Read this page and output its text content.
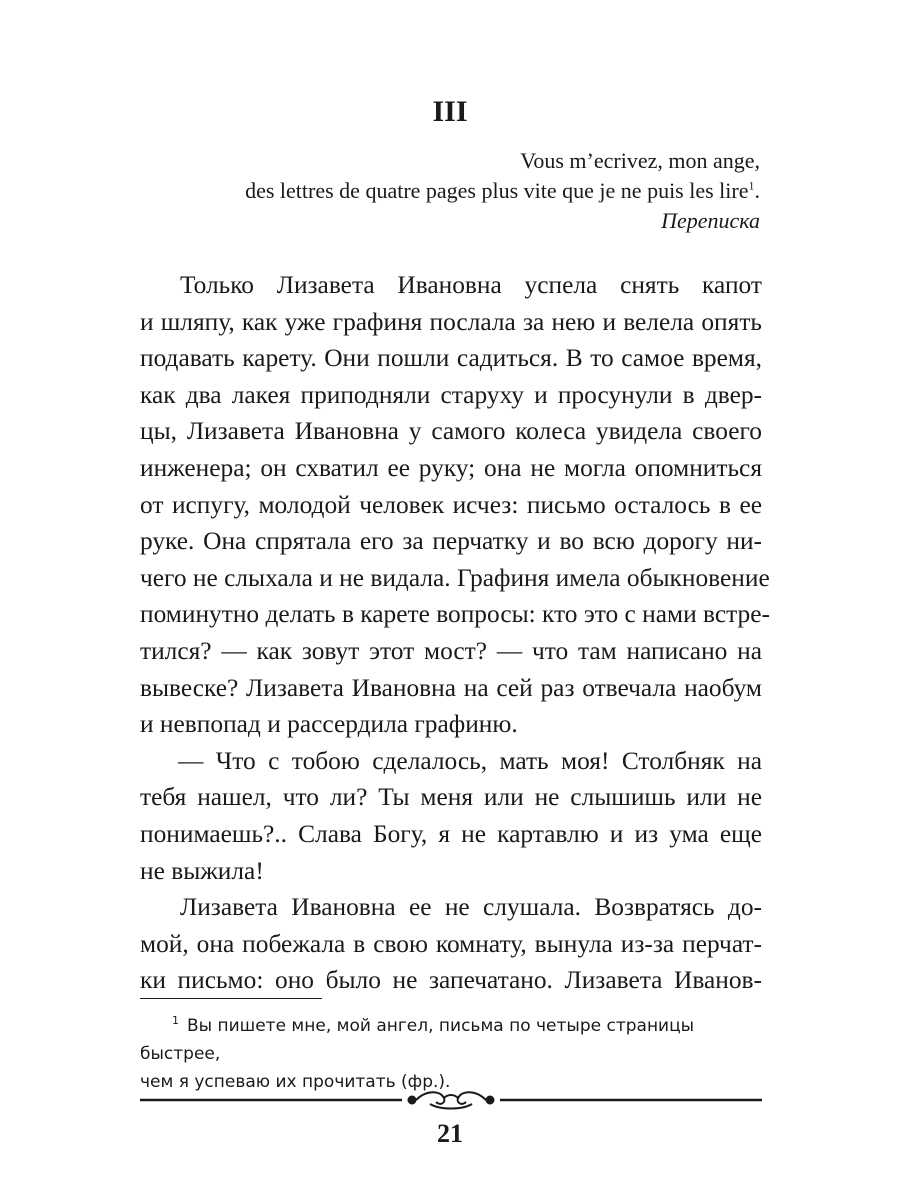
III
Vous m’ecrivez, mon ange,
des lettres de quatre pages plus vite que je ne puis les lire$^1$.
Переписка
Только Лизавета Ивановна успела снять капот
и шляпу, как уже графиня послала за нею и велела опять
подавать карету. Они пошли садиться. В то самое время,
как два лакея приподняли старуху и просунули в двер-
цы, Лизавета Ивановна у самого колеса увидела своего
инженера; он схватил ее руку; она не могла опомниться
от испугу, молодой человек исчез: письмо осталось в ее
руке. Она спрятала его за перчатку и во всю дорогу ни-
чего не слыхала и не видала. Графиня имела обыкновение
поминутно делать в карете вопросы: кто это с нами встре-
тился? — как зовут этот мост? — что там написано на
вывеске? Лизавета Ивановна на сей раз отвечала наобум
и невпопад и рассердила графиню.
— Что с тобою сделалось, мать моя! Столбняк на
тебя нашел, что ли? Ты меня или не слышишь или не
понимаешь?.. Слава Богу, я не картавлю и из ума еще
не выжила!
Лизавета Ивановна ее не слушала. Возвратясь до-
мой, она побежала в свою комнату, вынула из-за перчат-
ки письмо: оно было не запечатано. Лизавета Иванов-
$^1$ Вы пишете мне, мой ангел, письма по четыре страницы быстрее,
чем я успеваю их прочитать (фр.).
21
